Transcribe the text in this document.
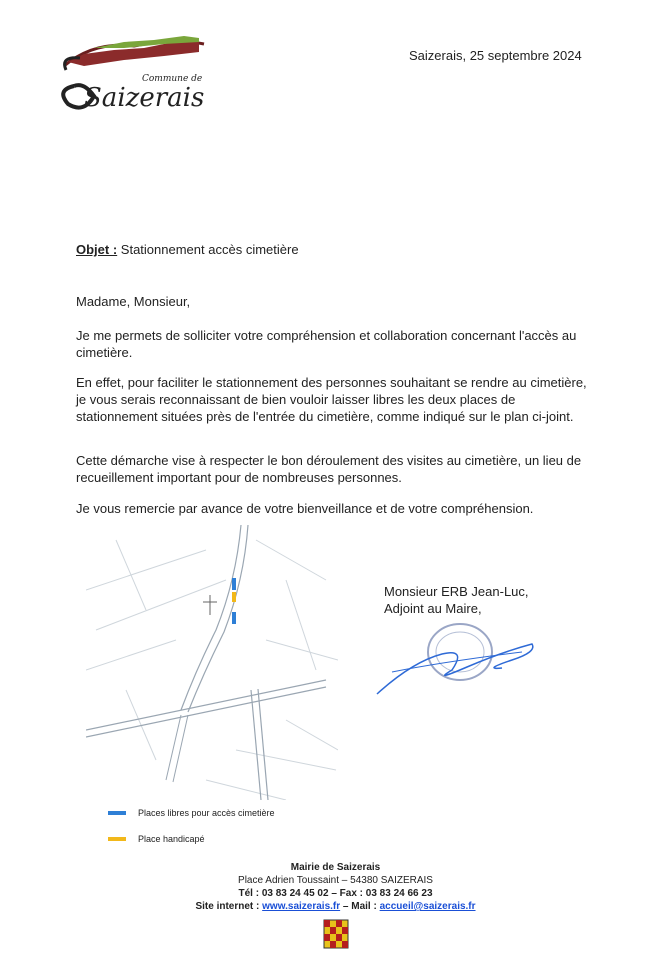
Commune de
Saizerais
Saizerais, 25 septembre 2024
Objet : Stationnement accès cimetière
Madame, Monsieur,
Je me permets de solliciter votre compréhension et collaboration concernant l'accès au cimetière.
En effet, pour faciliter le stationnement des personnes souhaitant se rendre au cimetière, je vous serais reconnaissant de bien vouloir laisser libres les deux places de stationnement situées près de l'entrée du cimetière, comme indiqué sur le plan ci-joint.
Cette démarche vise à respecter le bon déroulement des visites au cimetière, un lieu de recueillement important pour de nombreuses personnes.
Je vous remercie par avance de votre bienveillance et de votre compréhension.
Places libres pour accès cimetière
Place handicapé
Monsieur ERB Jean-Luc,
Adjoint au Maire,
Mairie de Saizerais
Place Adrien Toussaint – 54380 SAIZERAIS
Tél : 03 83 24 45 02 – Fax : 03 83 24 66 23
Site internet : www.saizerais.fr – Mail : accueil@saizerais.fr
